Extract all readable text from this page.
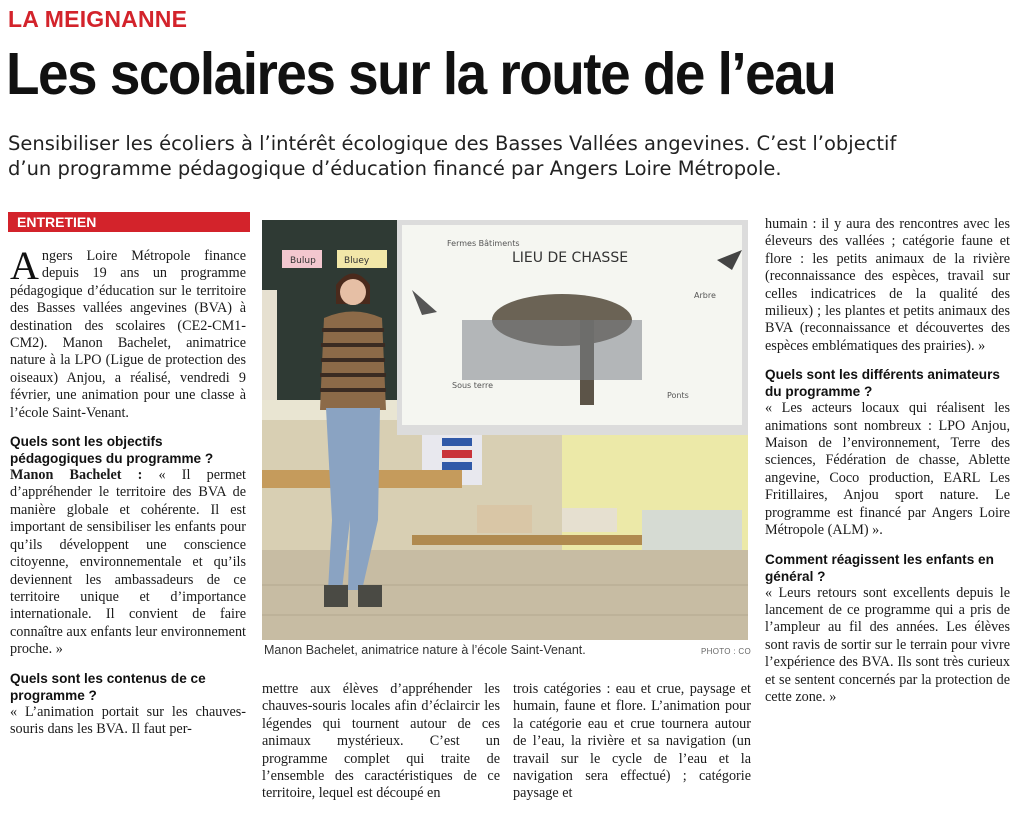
LA MEIGNANNE
Les scolaires sur la route de l’eau
Sensibiliser les écoliers à l’intérêt écologique des Basses Vallées angevines. C’est l’objectif
d’un programme pédagogique d’éducation financé par Angers Loire Métropole.
ENTRETIEN

Angers Loire Métropole finance depuis 19 ans un programme pédagogique d’éducation sur le territoire des Basses vallées angevines (BVA) à destination des scolaires (CE2-CM1-CM2). Manon Bachelet, animatrice nature à la LPO (Ligue de protection des oiseaux) Anjou, a réalisé, vendredi 9 février, une animation pour une classe à l’école Saint-Venant.

Quels sont les objectifs pédagogiques du programme ?

Manon Bachelet : « Il permet d’appréhender le territoire des BVA de manière globale et cohérente. Il est important de sensibiliser les enfants pour qu’ils développent une conscience citoyenne, environnementale et qu’ils deviennent les ambassadeurs de ce territoire unique et d’importance internationale. Il convient de faire connaître aux enfants leur environnement proche. »

Quels sont les contenus de ce programme ?

« L’animation portait sur les chauves-souris dans les BVA. Il faut per-

Bulup	Bluey	LIEU DE CHASSE
Fermes Bâtiments
Arbre
Ponts
Sous terre
Manon Bachelet, animatrice nature à l’école Saint-Venant.	PHOTO : CO

mettre aux élèves d’appréhender les chauves-souris locales afin d’éclaircir les légendes qui tournent autour de ces animaux mystérieux. C’est un programme complet qui traite de l’ensemble des caractéristiques de ce territoire, lequel est découpé en

trois catégories : eau et crue, paysage et humain, faune et flore. L’animation pour la catégorie eau et crue tournera autour de l’eau, la rivière et sa navigation (un travail sur le cycle de l’eau et la navigation sera effectué) ; catégorie paysage et

humain : il y aura des rencontres avec les éleveurs des vallées ; catégorie faune et flore : les petits animaux de la rivière (reconnaissance des espèces, travail sur celles indicatrices de la qualité des milieux) ; les plantes et petits animaux des BVA (reconnaissance et découvertes des espèces emblématiques des prairies). »

Quels sont les différents animateurs du programme ?

« Les acteurs locaux qui réalisent les animations sont nombreux : LPO Anjou, Maison de l’environnement, Terre des sciences, Fédération de chasse, Ablette angevine, Coco production, EARL Les Fritillaires, Anjou sport nature. Le programme est financé par Angers Loire Métropole (ALM) ».

Comment réagissent les enfants en général ?

« Leurs retours sont excellents depuis le lancement de ce programme qui a pris de l’ampleur au fil des années. Les élèves sont ravis de sortir sur le terrain pour vivre l’expérience des BVA. Ils sont très curieux et se sentent concernés par la protection de cette zone. »
